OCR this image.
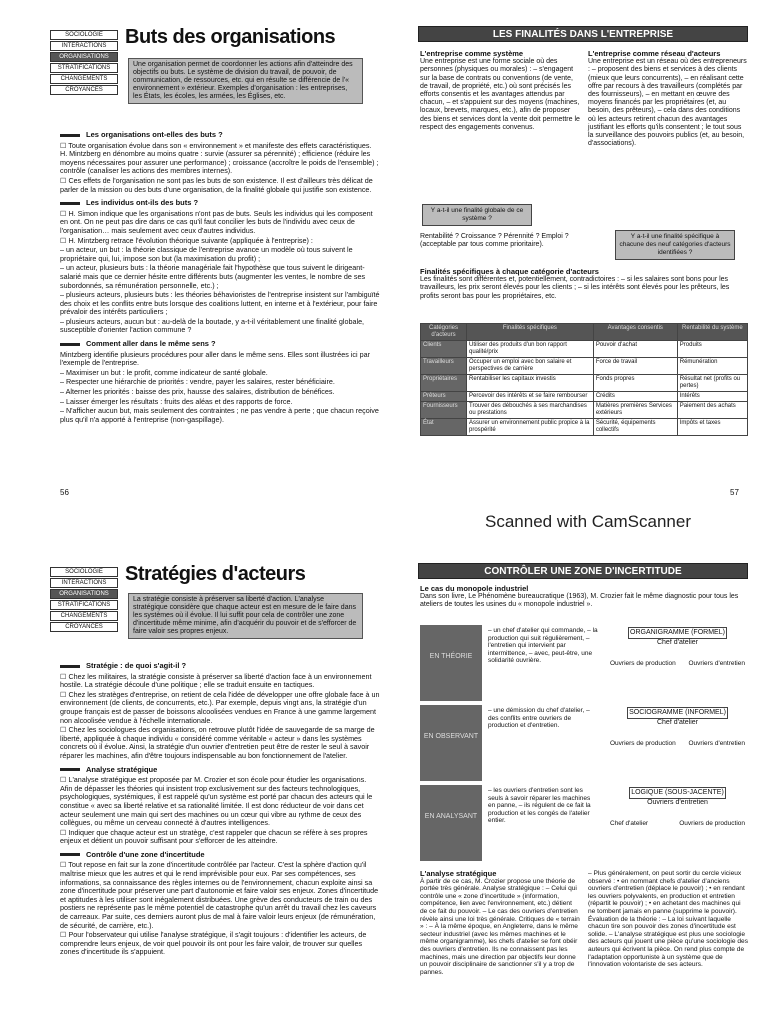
SOCIOLOGIE
INTERACTIONS
ORGANISATIONS
STRATIFICATIONS
CHANGEMENTS
CROYANCES
Buts des organisations
Une organisation permet de coordonner les actions afin d'atteindre des objectifs ou buts. Le système de division du travail, de pouvoir, de communication, de ressources, etc. qui en résulte se différencie de l'« environnement » extérieur. Exemples d'organisation : les entreprises, les États, les écoles, les armées, les Églises, etc.
Les organisations ont-elles des buts ?

☐ Toute organisation évolue dans son « environnement » et manifeste des effets caractéristiques. H. Mintzberg en dénombre au moins quatre : survie (assurer sa pérennité) ; efficience (réduire les moyens nécessaires pour assurer une performance) ; croissance (accroître le poids de l'ensemble) ; contrôle (canaliser les actions des membres internes).

☐ Ces effets de l'organisation ne sont pas les buts de son existence. Il est d'ailleurs très délicat de parler de la mission ou des buts d'une organisation, de la finalité globale qui justifie son existence.

Les individus ont-ils des buts ?

☐ H. Simon indique que les organisations n'ont pas de buts. Seuls les individus qui les composent en ont. On ne peut pas dire dans ce cas qu'il faut concilier les buts de l'individu avec ceux de l'organisation… mais seulement avec ceux d'autres individus.

☐ H. Mintzberg retrace l'évolution théorique suivante (appliquée à l'entreprise) :

– un acteur, un but : la théorie classique de l'entreprise avance un modèle où tous suivent le propriétaire qui, lui, impose son but (la maximisation du profit) ;

– un acteur, plusieurs buts : la théorie managériale fait l'hypothèse que tous suivent le dirigeant-salarié mais que ce dernier hésite entre différents buts (augmenter les ventes, le nombre de ses subordonnés, sa rémunération personnelle, etc.) ;

– plusieurs acteurs, plusieurs buts : les théories béhavioristes de l'entreprise insistent sur l'ambiguïté des choix et les conflits entre buts lorsque des coalitions luttent, en interne et à l'extérieur, pour faire prévaloir des intérêts particuliers ;

– plusieurs acteurs, aucun but : au-delà de la boutade, y a-t-il véritablement une finalité globale, susceptible d'orienter l'action commune ?

Comment aller dans le même sens ?

Mintzberg identifie plusieurs procédures pour aller dans le même sens. Elles sont illustrées ici par l'exemple de l'entreprise.

– Maximiser un but : le profit, comme indicateur de santé globale.

– Respecter une hiérarchie de priorités : vendre, payer les salaires, rester bénéficiaire.

– Alterner les priorités : baisse des prix, hausse des salaires, distribution de bénéfices.

– Laisser émerger les résultats : fruits des aléas et des rapports de force.

– N'afficher aucun but, mais seulement des contraintes ; ne pas vendre à perte ; que chacun reçoive plus qu'il n'a apporté à l'entreprise (non-gaspillage).

56
LES FINALITÉS DANS L'ENTREPRISE
L'entreprise comme système

Une entreprise est une forme sociale où des personnes (physiques ou morales) : – s'engagent sur la base de contrats ou conventions (de vente, de travail, de propriété, etc.) où sont précisés les efforts consentis et les avantages attendus par chacun, – et s'appuient sur des moyens (machines, locaux, brevets, marques, etc.), afin de proposer des biens et services dont la vente doit permettre le respect des engagements convenus.

L'entreprise comme réseau d'acteurs

Une entreprise est un réseau où des entrepreneurs : – proposent des biens et services à des clients (mieux que leurs concurrents), – en réalisant cette offre par recours à des travailleurs (complétés par des fournisseurs), – en mettant en œuvre des moyens financés par les propriétaires (et, au besoin, des prêteurs), – cela dans des conditions où les acteurs retirent chacun des avantages justifiant les efforts qu'ils consentent ; le tout sous la surveillance des pouvoirs publics (et, au besoin, d'associations).

Y a-t-il une finalité globale de ce système ?
Rentabilité ? Croissance ? Pérennité ? Emploi ? (acceptable par tous comme prioritaire).
Y a-t-il une finalité spécifique à chacune des neuf catégories d'acteurs identifiées ?
Finalités spécifiques à chaque catégorie d'acteurs

Les finalités sont différentes et, potentiellement, contradictoires : – si les salaires sont bons pour les travailleurs, les prix seront élevés pour les clients ; – si les intérêts sont élevés pour les prêteurs, les profits seront bas pour les propriétaires, etc.

Catégories d'acteurs	Finalités spécifiques	Avantages consentis	Rentabilité du système
Clients	Utiliser des produits d'un bon rapport qualité/prix	Pouvoir d'achat	Produits
Travailleurs	Occuper un emploi avec bon salaire et perspectives de carrière	Force de travail	Rémunération
Propriétaires	Rentabiliser les capitaux investis	Fonds propres	Résultat net (profits ou pertes)
Prêteurs	Percevoir des intérêts et se faire rembourser	Crédits	Intérêts
Fournisseurs	Trouver des débouchés à ses marchandises ou prestations	Matières premières Services extérieurs	Paiement des achats
État	Assurer un environnement public propice à la prospérité	Sécurité, équipements collectifs	Impôts et taxes
57
Scanned with CamScanner
SOCIOLOGIE
INTERACTIONS
ORGANISATIONS
STRATIFICATIONS
CHANGEMENTS
CROYANCES
Stratégies d'acteurs
La stratégie consiste à préserver sa liberté d'action. L'analyse stratégique considère que chaque acteur est en mesure de le faire dans les systèmes où il évolue. Il lui suffit pour cela de contrôler une zone d'incertitude même minime, afin d'acquérir du pouvoir et de s'efforcer de faire valoir ses propres enjeux.
Stratégie : de quoi s'agit-il ?

☐ Chez les militaires, la stratégie consiste à préserver sa liberté d'action face à un environnement hostile. La stratégie découle d'une politique ; elle se traduit ensuite en tactiques.

☐ Chez les stratèges d'entreprise, on retient de cela l'idée de développer une offre globale face à un environnement (de clients, de concurrents, etc.). Par exemple, depuis vingt ans, la stratégie d'un groupe français est de passer de boissons alcoolisées vendues en France à une gamme largement non alcoolisée vendue à l'échelle internationale.

☐ Chez les sociologues des organisations, on retrouve plutôt l'idée de sauvegarde de sa marge de liberté, appliquée à chaque individu « considéré comme véritable « acteur » dans les systèmes concrets où il évolue. Ainsi, la stratégie d'un ouvrier d'entretien peut être de rester le seul à savoir réparer les machines, afin d'être toujours indispensable au bon fonctionnement de l'atelier.

Analyse stratégique

☐ L'analyse stratégique est proposée par M. Crozier et son école pour étudier les organisations. Afin de dépasser les théories qui insistent trop exclusivement sur des facteurs technologiques, psychologiques, systémiques, il est rappelé qu'un système est porté par chacun des acteurs qui le constitue « avec sa liberté relative et sa rationalité limitée. Il est donc réducteur de voir dans cet acteur seulement une main qui sert des machines ou un cœur qui vibre au rythme de ceux des collègues, ou même un cerveau connecté à d'autres intelligences.

☐ Indiquer que chaque acteur est un stratège, c'est rappeler que chacun se réfère à ses propres enjeux et détient un pouvoir suffisant pour s'efforcer de les atteindre.

Contrôle d'une zone d'incertitude

☐ Tout repose en fait sur la zone d'incertitude contrôlée par l'acteur. C'est la sphère d'action qu'il maîtrise mieux que les autres et qui le rend imprévisible pour eux. Par ses compétences, ses informations, sa connaissance des règles internes ou de l'environnement, chacun exploite ainsi sa zone d'incertitude pour préserver une part d'autonomie et faire valoir ses enjeux. Zones d'incertitude et aptitudes à les utiliser sont inégalement distribuées. Une grève des conducteurs de train ou des postiers ne représente pas le même potentiel de catastrophe qu'un arrêt du travail chez les caveurs de carreaux. Par suite, ces derniers auront plus de mal à faire valoir leurs enjeux (de rémunération, de sécurité, de carrière, etc.).

☐ Pour l'observateur qui utilise l'analyse stratégique, il s'agit toujours : d'identifier les acteurs, de comprendre leurs enjeux, de voir quel pouvoir ils ont pour les faire valoir, de trouver sur quelles zones d'incertitude ils s'appuient.

CONTRÔLER UNE ZONE D'INCERTITUDE
Le cas du monopole industriel

Dans son livre, Le Phénomène bureaucratique (1963), M. Crozier fait le même diagnostic pour tous les ateliers de toutes les usines du « monopole industriel ».

EN THÉORIE
– un chef d'atelier qui commande, – la production qui suit régulièrement, – l'entretien qui intervient par intermittence, – avec, peut-être, une solidarité ouvrière.
ORGANIGRAMME (FORMEL)
Chef d'atelier
Ouvriers de production Ouvriers d'entretien
EN OBSERVANT
– une démission du chef d'atelier, – des conflits entre ouvriers de production et d'entretien.
SOCIOGRAMME (INFORMEL)
Chef d'atelier
Ouvriers de production Ouvriers d'entretien
EN ANALYSANT
– les ouvriers d'entretien sont les seuls à savoir réparer les machines en panne, – ils régulent de ce fait la production et les congés de l'atelier entier.
LOGIQUE (SOUS-JACENTE)
Ouvriers d'entretien
Chef d'atelier	Ouvriers de production
L'analyse stratégique

À partir de ce cas, M. Crozier propose une théorie de portée très générale. Analyse stratégique : – Celui qui contrôle une « zone d'incertitude » (information, compétence, lien avec l'environnement, etc.) détient de ce fait du pouvoir. – Le cas des ouvriers d'entretien révèle ainsi une loi très générale. Critiques de « terrain » : – À la même époque, en Angleterre, dans le même secteur industriel (avec les mêmes machines et le même organigramme), les chefs d'atelier se font obéir des ouvriers d'entretien. Ils ne connaissent pas les machines, mais une direction par objectifs leur donne un pouvoir disciplinaire de sanctionner s'il y a trop de pannes.

– Plus généralement, on peut sortir du cercle vicieux observé : • en nommant chefs d'atelier d'anciens ouvriers d'entretien (déplace le pouvoir) ; • en rendant les ouvriers polyvalents, en production et entretien (répartit le pouvoir) ; • en achetant des machines qui ne tombent jamais en panne (supprime le pouvoir). Évaluation de la théorie : – La loi suivant laquelle chacun tire son pouvoir des zones d'incertitude est solide. – L'analyse stratégique est plus une sociologie des acteurs qui jouent une pièce qu'une sociologie des auteurs qui écrivent la pièce. On rend plus compte de l'adaptation opportuniste à un système que de l'innovation volontariste de ses acteurs.
